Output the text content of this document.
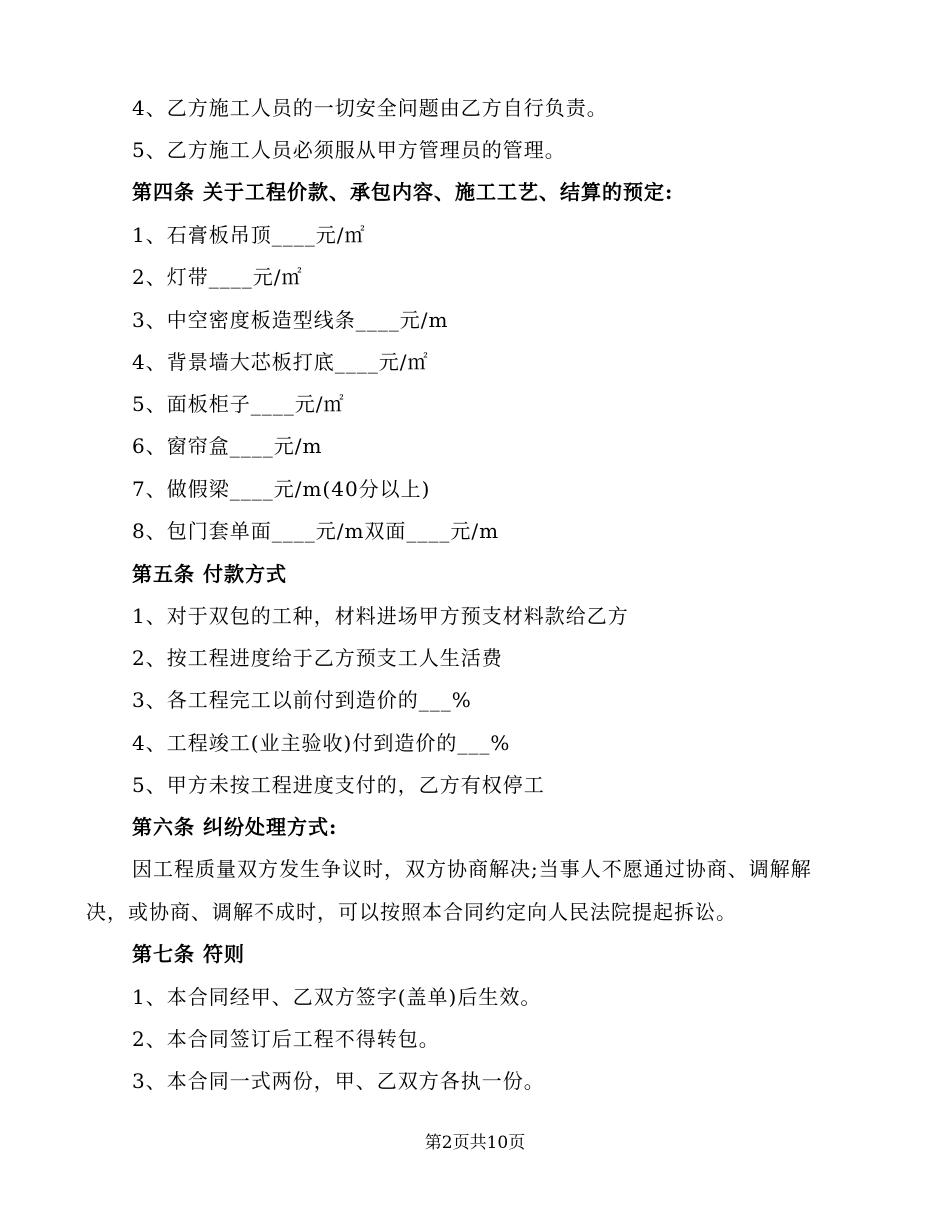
4、乙方施工人员的一切安全问题由乙方自行负责。
5、乙方施工人员必须服从甲方管理员的管理。
第四条 关于工程价款、承包内容、施工工艺、结算的预定:
1、石膏板吊顶____元/㎡
2、灯带____元/㎡
3、中空密度板造型线条____元/m
4、背景墙大芯板打底____元/㎡
5、面板柜子____元/㎡
6、窗帘盒____元/m
7、做假梁____元/m(40分以上)
8、包门套单面____元/m双面____元/m
第五条 付款方式
1、对于双包的工种，材料进场甲方预支材料款给乙方
2、按工程进度给于乙方预支工人生活费
3、各工程完工以前付到造价的___%
4、工程竣工(业主验收)付到造价的___%
5、甲方未按工程进度支付的，乙方有权停工
第六条 纠纷处理方式:
因工程质量双方发生争议时，双方协商解决;当事人不愿通过协商、调解解
决，或协商、调解不成时，可以按照本合同约定向人民法院提起拆讼。
第七条 符则
1、本合同经甲、乙双方签字(盖单)后生效。
2、本合同签订后工程不得转包。
3、本合同一式两份，甲、乙双方各执一份。
第2页共10页
